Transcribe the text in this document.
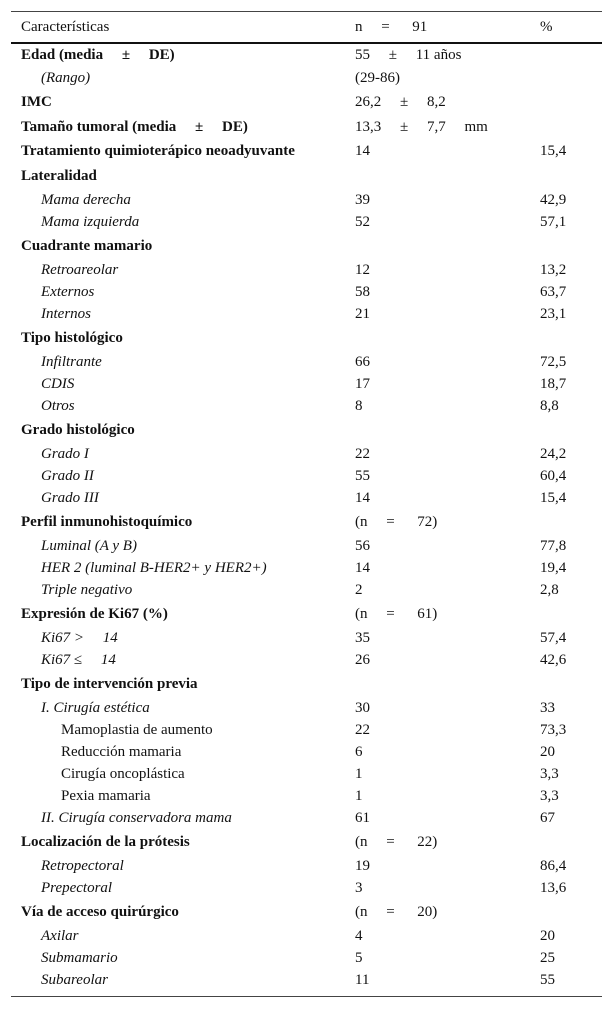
Características	n  =   91	%
Edad (media  ±  DE)	55  ±  11 años
(Rango)	(29-86)
IMC	26,2  ±  8,2
Tamaño tumoral (media  ±  DE)	13,3  ±  7,7  mm
Tratamiento quimioterápico neoadyuvante	14	15,4
Lateralidad
Mama derecha	39	42,9
Mama izquierda	52	57,1
Cuadrante mamario
Retroareolar	12	13,2
Externos	58	63,7
Internos	21	23,1
Tipo histológico
Infiltrante	66	72,5
CDIS	17	18,7
Otros	8	8,8
Grado histológico
Grado I	22	24,2
Grado II	55	60,4
Grado III	14	15,4
Perfil inmunohistoquímico	(n  =   72)
Luminal (A y B)	56	77,8
HER 2 (luminal B-HER2+ y HER2+)	14	19,4
Triple negativo	2	2,8
Expresión de Ki67 (%)	(n  =   61)
Ki67 >  14	35	57,4
Ki67 ≤  14	26	42,6
Tipo de intervención previa
I. Cirugía estética	30	33
Mamoplastia de aumento	22	73,3
Reducción mamaria	6	20
Cirugía oncoplástica	1	3,3
Pexia mamaria	1	3,3
II. Cirugía conservadora mama	61	67
Localización de la prótesis	(n  =   22)
Retropectoral	19	86,4
Prepectoral	3	13,6
Vía de acceso quirúrgico	(n  =   20)
Axilar	4	20
Submamario	5	25
Subareolar	11	55
